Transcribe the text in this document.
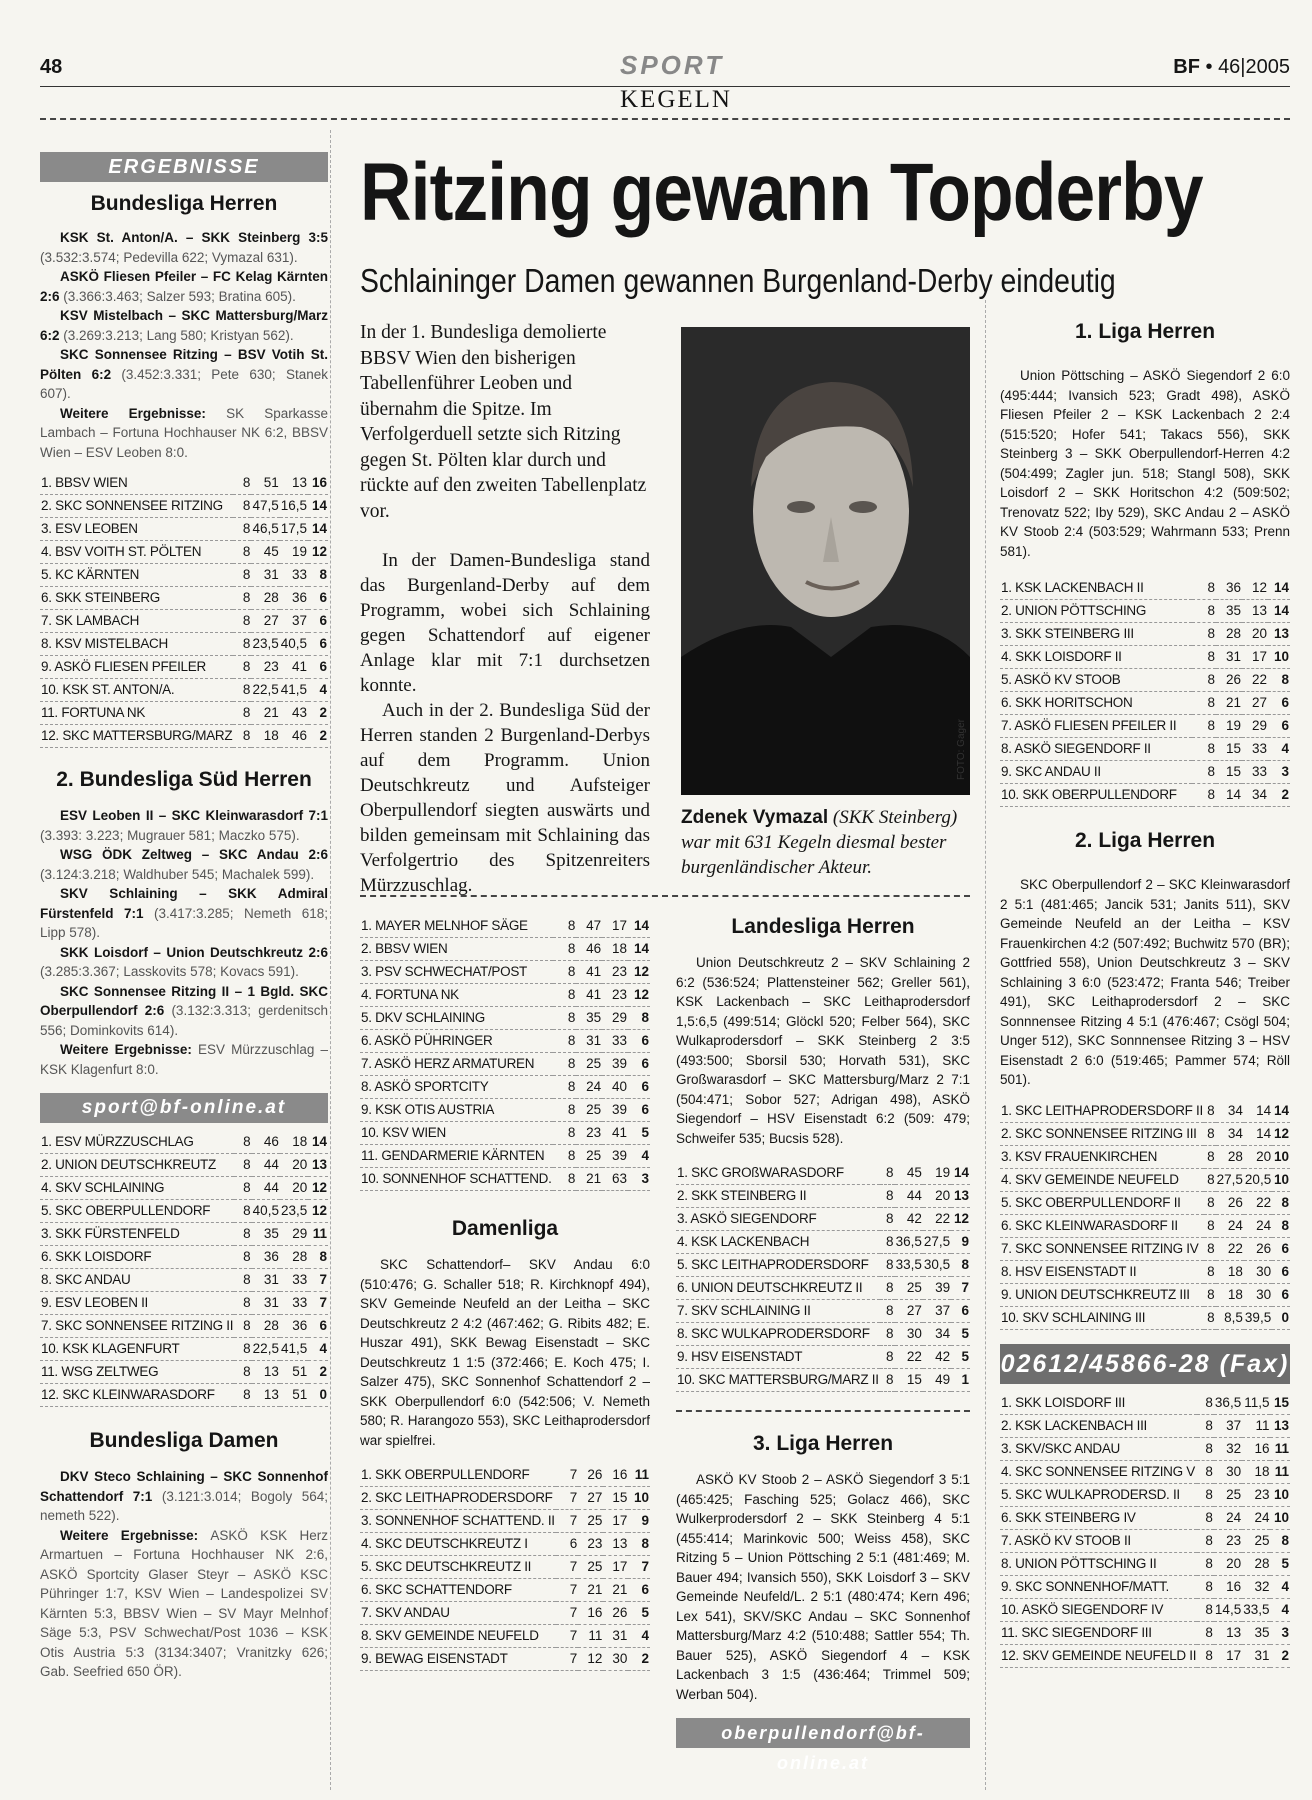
48	SPORT	BF • 46|2005
KEGELN
ERGEBNISSE
Bundesliga Herren

KSK St. Anton/A. – SKK Steinberg 3:5 (3.532:3.574; Pedevilla 622; Vymazal 631).

ASKÖ Fliesen Pfeiler – FC Kelag Kärnten 2:6 (3.366:3.463; Salzer 593; Bratina 605).

KSV Mistelbach – SKC Mattersburg/Marz 6:2 (3.269:3.213; Lang 580; Kristyan 562).

SKC Sonnensee Ritzing – BSV Votih St. Pölten 6:2 (3.452:3.331; Pete 630; Stanek 607).

Weitere Ergebnisse: SK Sparkasse Lambach – Fortuna Hochhauser NK 6:2, BBSV Wien – ESV Leoben 8:0.

1. BBSV WIEN	8	51	13	16
2. SKC SONNENSEE RITZING	8	47,5	16,5	14
3. ESV LEOBEN	8	46,5	17,5	14
4. BSV VOITH ST. PÖLTEN	8	45	19	12
5. KC KÄRNTEN	8	31	33	8
6. SKK STEINBERG	8	28	36	6
7. SK LAMBACH	8	27	37	6
8. KSV MISTELBACH	8	23,5	40,5	6
9. ASKÖ FLIESEN PFEILER	8	23	41	6
10. KSK ST. ANTON/A.	8	22,5	41,5	4
11. FORTUNA NK	8	21	43	2
12. SKC MATTERSBURG/MARZ	8	18	46	2
2. Bundesliga Süd Herren

ESV Leoben II – SKC Kleinwarasdorf 7:1 (3.393: 3.223; Mugrauer 581; Maczko 575).

WSG ÖDK Zeltweg – SKC Andau 2:6 (3.124:3.218; Waldhuber 545; Machalek 599).

SKV Schlaining – SKK Admiral Fürstenfeld 7:1 (3.417:3.285; Nemeth 618; Lipp 578).

SKK Loisdorf – Union Deutschkreutz 2:6 (3.285:3.367; Lasskovits 578; Kovacs 591).

SKC Sonnensee Ritzing II – 1 Bgld. SKC Oberpullendorf 2:6 (3.132:3.313; gerdenitsch 556; Dominkovits 614).

Weitere Ergebnisse: ESV Mürzzuschlag – KSK Klagenfurt 8:0.

sport@bf-online.at
1. ESV MÜRZZUSCHLAG	8	46	18	14
2. UNION DEUTSCHKREUTZ	8	44	20	13
4. SKV SCHLAINING	8	44	20	12
5. SKC OBERPULLENDORF	8	40,5	23,5	12
3. SKK FÜRSTENFELD	8	35	29	11
6. SKK LOISDORF	8	36	28	8
8. SKC ANDAU	8	31	33	7
9. ESV LEOBEN II	8	31	33	7
7. SKC SONNENSEE RITZING II	8	28	36	6
10. KSK KLAGENFURT	8	22,5	41,5	4
11. WSG ZELTWEG	8	13	51	2
12. SKC KLEINWARASDORF	8	13	51	0
Bundesliga Damen

DKV Steco Schlaining – SKC Sonnenhof Schattendorf 7:1 (3.121:3.014; Bogoly 564; nemeth 522).

Weitere Ergebnisse: ASKÖ KSK Herz Armartuen – Fortuna Hochhauser NK 2:6, ASKÖ Sportcity Glaser Steyr – ASKÖ KSC Pühringer 1:7, KSV Wien – Landespolizei SV Kärnten 5:3, BBSV Wien – SV Mayr Melnhof Säge 5:3, PSV Schwechat/Post 1036 – KSK Otis Austria 5:3 (3134:3407; Vranitzky 626; Gab. Seefried 650 ÖR).

Ritzing gewann Topderby
Schlaininger Damen gewannen Burgenland-Derby eindeutig

In der 1. Bundesliga demolierte BBSV Wien den bisherigen Tabellenführer Leoben und übernahm die Spitze. Im Verfolgerduell setzte sich Ritzing gegen St. Pölten klar durch und rückte auf den zweiten Tabellenplatz vor.

In der Damen-Bundesliga stand das Burgenland-Derby auf dem Programm, wobei sich Schlaining gegen Schattendorf auf eigener Anlage klar mit 7:1 durchsetzen konnte.

Auch in der 2. Bundesliga Süd der Herren standen 2 Burgenland-Derbys auf dem Programm. Union Deutschkreutz und Aufsteiger Oberpullendorf siegten auswärts und bilden gemeinsam mit Schlaining das Verfolgertrio des Spitzenreiters Mürzzuschlag.

FOTO: Gager
Zdenek Vymazal (SKK Steinberg) war mit 631 Kegeln diesmal bester burgenländischer Akteur.
1. MAYER MELNHOF SÄGE	8	47	17	14
2. BBSV WIEN	8	46	18	14
3. PSV SCHWECHAT/POST	8	41	23	12
4. FORTUNA NK	8	41	23	12
5. DKV SCHLAINING	8	35	29	8
6. ASKÖ PÜHRINGER	8	31	33	6
7. ASKÖ HERZ ARMATUREN	8	25	39	6
8. ASKÖ SPORTCITY	8	24	40	6
9. KSK OTIS AUSTRIA	8	25	39	6
10. KSV WIEN	8	23	41	5
11. GENDARMERIE KÄRNTEN	8	25	39	4
10. SONNENHOF SCHATTEND.	8	21	63	3
Damenliga
SKC Schattendorf– SKV Andau 6:0 (510:476; G. Schaller 518; R. Kirchknopf 494), SKV Gemeinde Neufeld an der Leitha – SKC Deutschkreutz 2 4:2 (467:462; G. Ribits 482; E. Huszar 491), SKK Bewag Eisenstadt – SKC Deutschkreutz 1 1:5 (372:466; E. Koch 475; I. Salzer 475), SKC Sonnenhof Schattendorf 2 – SKK Oberpullendorf 6:0 (542:506; V. Nemeth 580; R. Harangozo 553), SKC Leithaprodersdorf war spielfrei.
1. SKK OBERPULLENDORF	7	26	16	11
2. SKC LEITHAPRODERSDORF	7	27	15	10
3. SONNENHOF SCHATTEND. II	7	25	17	9
4. SKC DEUTSCHKREUTZ I	6	23	13	8
5. SKC DEUTSCHKREUTZ II	7	25	17	7
6. SKC SCHATTENDORF	7	21	21	6
7. SKV ANDAU	7	16	26	5
8. SKV GEMEINDE NEUFELD	7	11	31	4
9. BEWAG EISENSTADT	7	12	30	2
Landesliga Herren
Union Deutschkreutz 2 – SKV Schlaining 2 6:2 (536:524; Plattensteiner 562; Greller 561), KSK Lackenbach – SKC Leithaprodersdorf 1,5:6,5 (499:514; Glöckl 520; Felber 564), SKC Wulkaprodersdorf – SKK Steinberg 2 3:5 (493:500; Sborsil 530; Horvath 531), SKC Großwarasdorf – SKC Mattersburg/Marz 2 7:1 (504:471; Sobor 527; Adrigan 498), ASKÖ Siegendorf – HSV Eisenstadt 6:2 (509: 479; Schweifer 535; Bucsis 528).
1. SKC GROßWARASDORF	8	45	19	14
2. SKK STEINBERG II	8	44	20	13
3. ASKÖ SIEGENDORF	8	42	22	12
4. KSK LACKENBACH	8	36,5	27,5	9
5. SKC LEITHAPRODERSDORF	8	33,5	30,5	8
6. UNION DEUTSCHKREUTZ II	8	25	39	7
7. SKV SCHLAINING II	8	27	37	6
8. SKC WULKAPRODERSDORF	8	30	34	5
9. HSV EISENSTADT	8	22	42	5
10. SKC MATTERSBURG/MARZ II	8	15	49	1
3. Liga Herren
ASKÖ KV Stoob 2 – ASKÖ Siegendorf 3 5:1 (465:425; Fasching 525; Golacz 466), SKC Wulkerprodersdorf 2 – SKK Steinberg 4 5:1 (455:414; Marinkovic 500; Weiss 458), SKC Ritzing 5 – Union Pöttsching 2 5:1 (481:469; M. Bauer 494; Ivansich 550), SKK Loisdorf 3 – SKV Gemeinde Neufeld/L. 2 5:1 (480:474; Kern 496; Lex 541), SKV/SKC Andau – SKC Sonnenhof Mattersburg/Marz 4:2 (510:488; Sattler 554; Th. Bauer 525), ASKÖ Siegendorf 4 – KSK Lackenbach 3 1:5 (436:464; Trimmel 509; Werban 504).
oberpullendorf@bf-online.at
1. Liga Herren
Union Pöttsching – ASKÖ Siegendorf 2 6:0 (495:444; Ivansich 523; Gradt 498), ASKÖ Fliesen Pfeiler 2 – KSK Lackenbach 2 2:4 (515:520; Hofer 541; Takacs 556), SKK Steinberg 3 – SKK Oberpullendorf-Herren 4:2 (504:499; Zagler jun. 518; Stangl 508), SKK Loisdorf 2 – SKK Horitschon 4:2 (509:502; Trenovatz 522; Iby 529), SKC Andau 2 – ASKÖ KV Stoob 2:4 (503:529; Wahrmann 533; Prenn 581).
1. KSK LACKENBACH II	8	36	12	14
2. UNION PÖTTSCHING	8	35	13	14
3. SKK STEINBERG III	8	28	20	13
4. SKK LOISDORF II	8	31	17	10
5. ASKÖ KV STOOB	8	26	22	8
6. SKK HORITSCHON	8	21	27	6
7. ASKÖ FLIESEN PFEILER II	8	19	29	6
8. ASKÖ SIEGENDORF II	8	15	33	4
9. SKC ANDAU II	8	15	33	3
10. SKK OBERPULLENDORF	8	14	34	2
2. Liga Herren
SKC Oberpullendorf 2 – SKC Kleinwarasdorf 2 5:1 (481:465; Jancik 531; Janits 511), SKV Gemeinde Neufeld an der Leitha – KSV Frauenkirchen 4:2 (507:492; Buchwitz 570 (BR); Gottfried 558), Union Deutschkreutz 3 – SKV Schlaining 3 6:0 (523:472; Franta 546; Treiber 491), SKC Leithaprodersdorf 2 – SKC Sonnnensee Ritzing 4 5:1 (476:467; Csögl 504; Unger 512), SKC Sonnnensee Ritzing 3 – HSV Eisenstadt 2 6:0 (519:465; Pammer 574; Röll 501).
1. SKC LEITHAPRODERSDORF II	8	34	14	14
2. SKC SONNENSEE RITZING III	8	34	14	12
3. KSV FRAUENKIRCHEN	8	28	20	10
4. SKV GEMEINDE NEUFELD	8	27,5	20,5	10
5. SKC OBERPULLENDORF II	8	26	22	8
6. SKC KLEINWARASDORF II	8	24	24	8
7. SKC SONNENSEE RITZING IV	8	22	26	6
8. HSV EISENSTADT II	8	18	30	6
9. UNION DEUTSCHKREUTZ III	8	18	30	6
10. SKV SCHLAINING III	8	8,5	39,5	0
02612/45866-28 (Fax)
1. SKK LOISDORF III	8	36,5	11,5	15
2. KSK LACKENBACH III	8	37	11	13
3. SKV/SKC ANDAU	8	32	16	11
4. SKC SONNENSEE RITZING V	8	30	18	11
5. SKC WULKAPRODERSD. II	8	25	23	10
6. SKK STEINBERG IV	8	24	24	10
7. ASKÖ KV STOOB II	8	23	25	8
8. UNION PÖTTSCHING II	8	20	28	5
9. SKC SONNENHOF/MATT.	8	16	32	4
10. ASKÖ SIEGENDORF IV	8	14,5	33,5	4
11. SKC SIEGENDORF III	8	13	35	3
12. SKV GEMEINDE NEUFELD II	8	17	31	2
